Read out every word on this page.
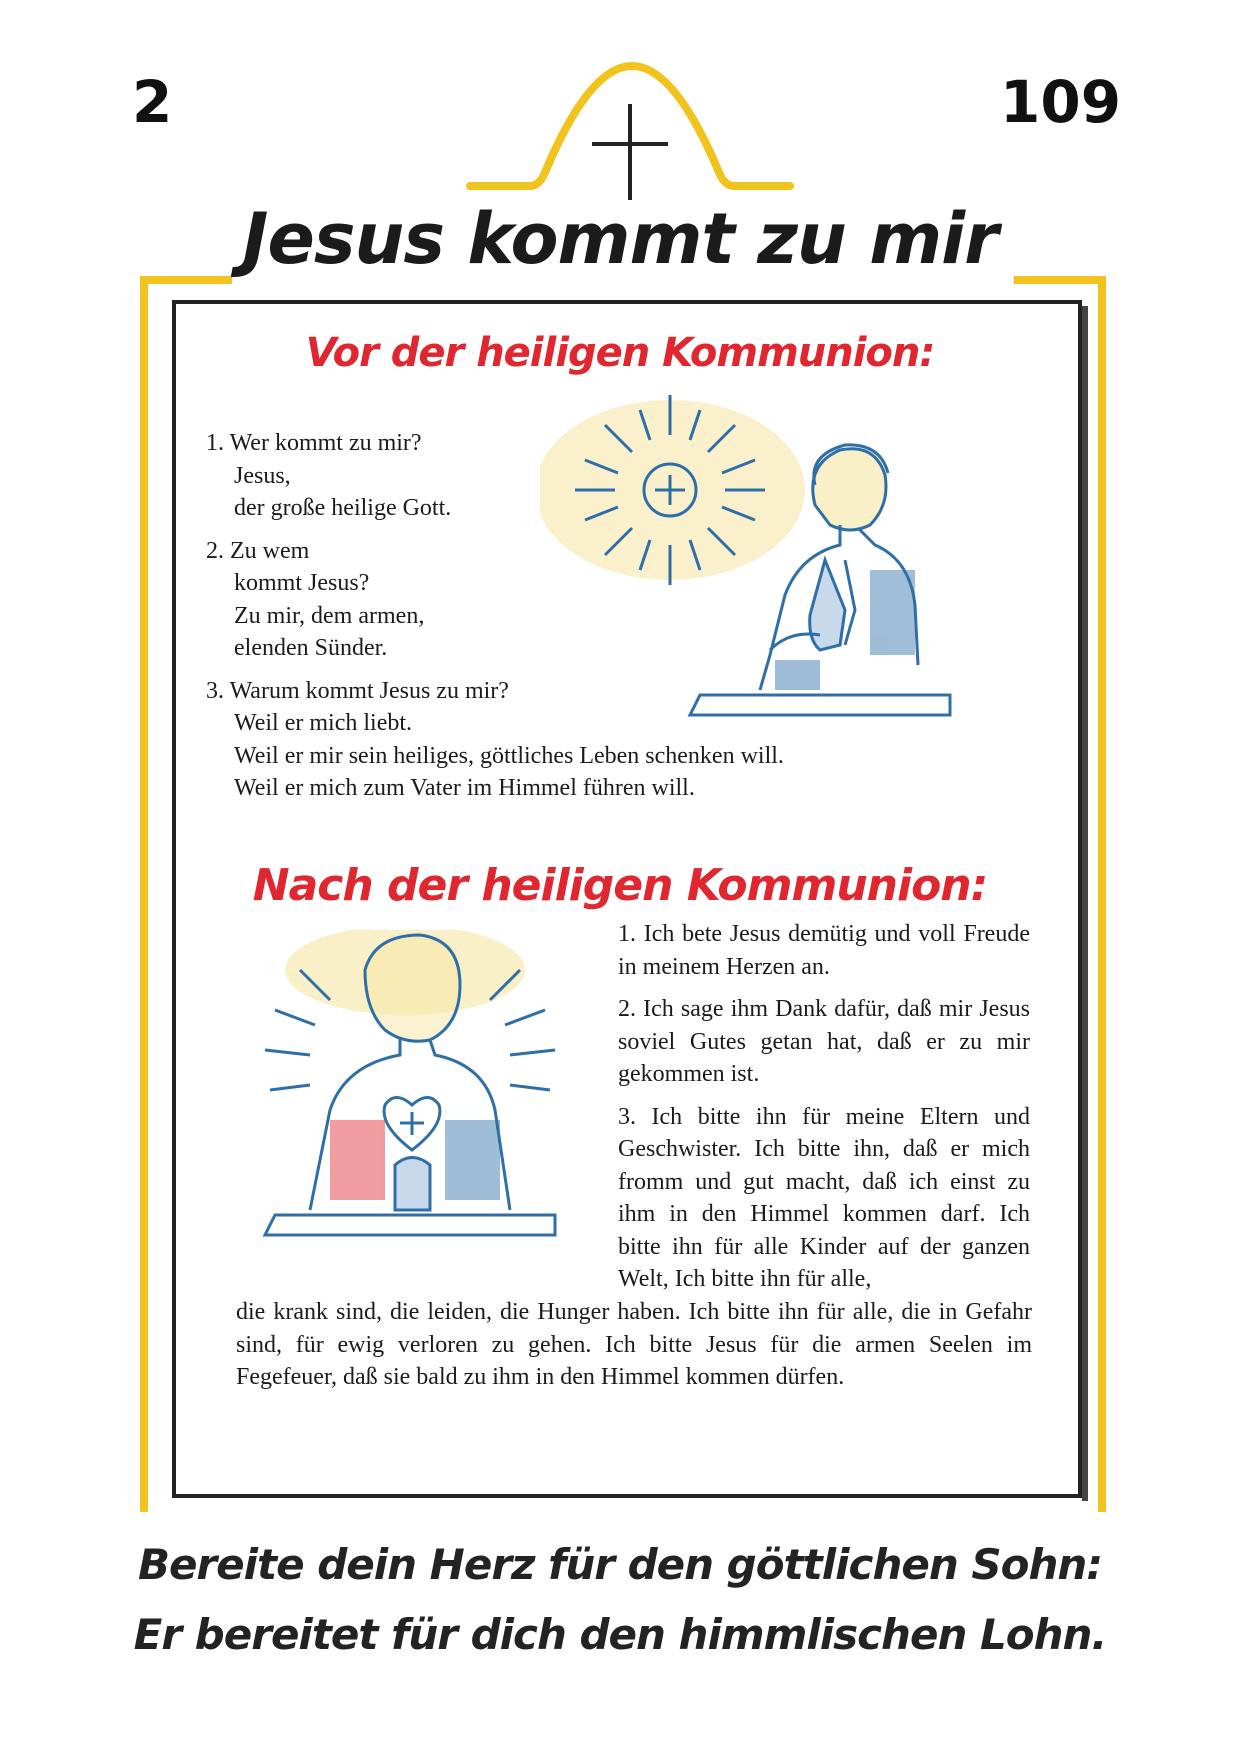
2	109
Jesus kommt zu mir
Vor der heiligen Kommunion:

1. Wer kommt zu mir?

Jesus,

der große heilige Gott.

2. Zu wem

kommt Jesus?

Zu mir, dem armen,

elenden Sünder.

3. Warum kommt Jesus zu mir?

Weil er mich liebt.

Weil er mir sein heiliges, göttliches Leben schenken will.

Weil er mich zum Vater im Himmel führen will.

Nach der heiligen Kommunion:

1. Ich bete Jesus demütig und voll Freude in meinem Herzen an.

2. Ich sage ihm Dank dafür, daß mir Jesus soviel Gutes getan hat, daß er zu mir gekommen ist.

3. Ich bitte ihn für meine Eltern und Geschwister. Ich bitte ihn, daß er mich fromm und gut macht, daß ich einst zu ihm in den Himmel kommen darf. Ich bitte ihn für alle Kinder auf der ganzen Welt, Ich bitte ihn für alle,

die krank sind, die leiden, die Hunger haben. Ich bitte ihn für alle, die in Gefahr sind, für ewig verloren zu gehen. Ich bitte Jesus für die armen Seelen im Fegefeuer, daß sie bald zu ihm in den Himmel kommen dürfen.

Bereite dein Herz für den göttlichen Sohn:
Er bereitet für dich den himmlischen Lohn.
